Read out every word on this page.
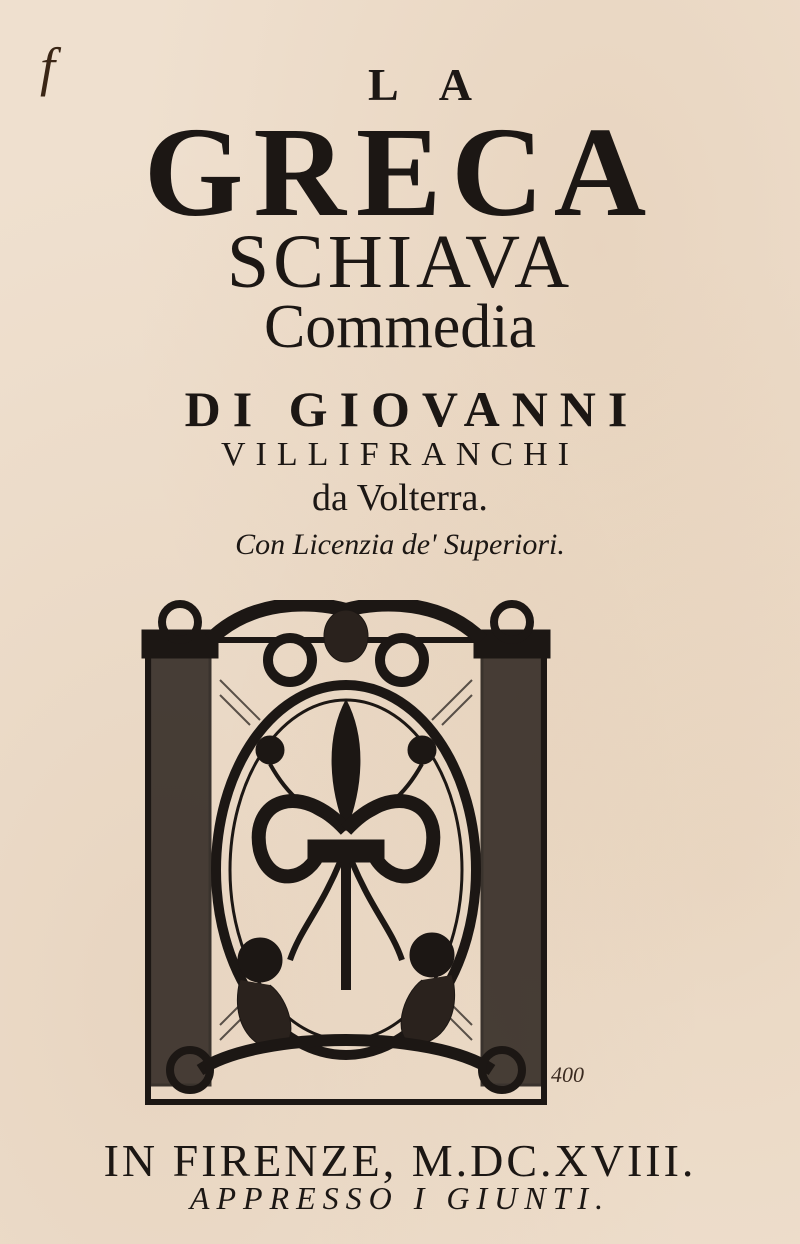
f	LA
GRECA
SCHIAVA
Commedia
DI GIOVANNI
VILLIFRANCHI
da Volterra.
Con Licenzia de' Superiori.
400
IN FIRENZE, M.DC.XVIII.
APPRESSO I GIUNTI.
